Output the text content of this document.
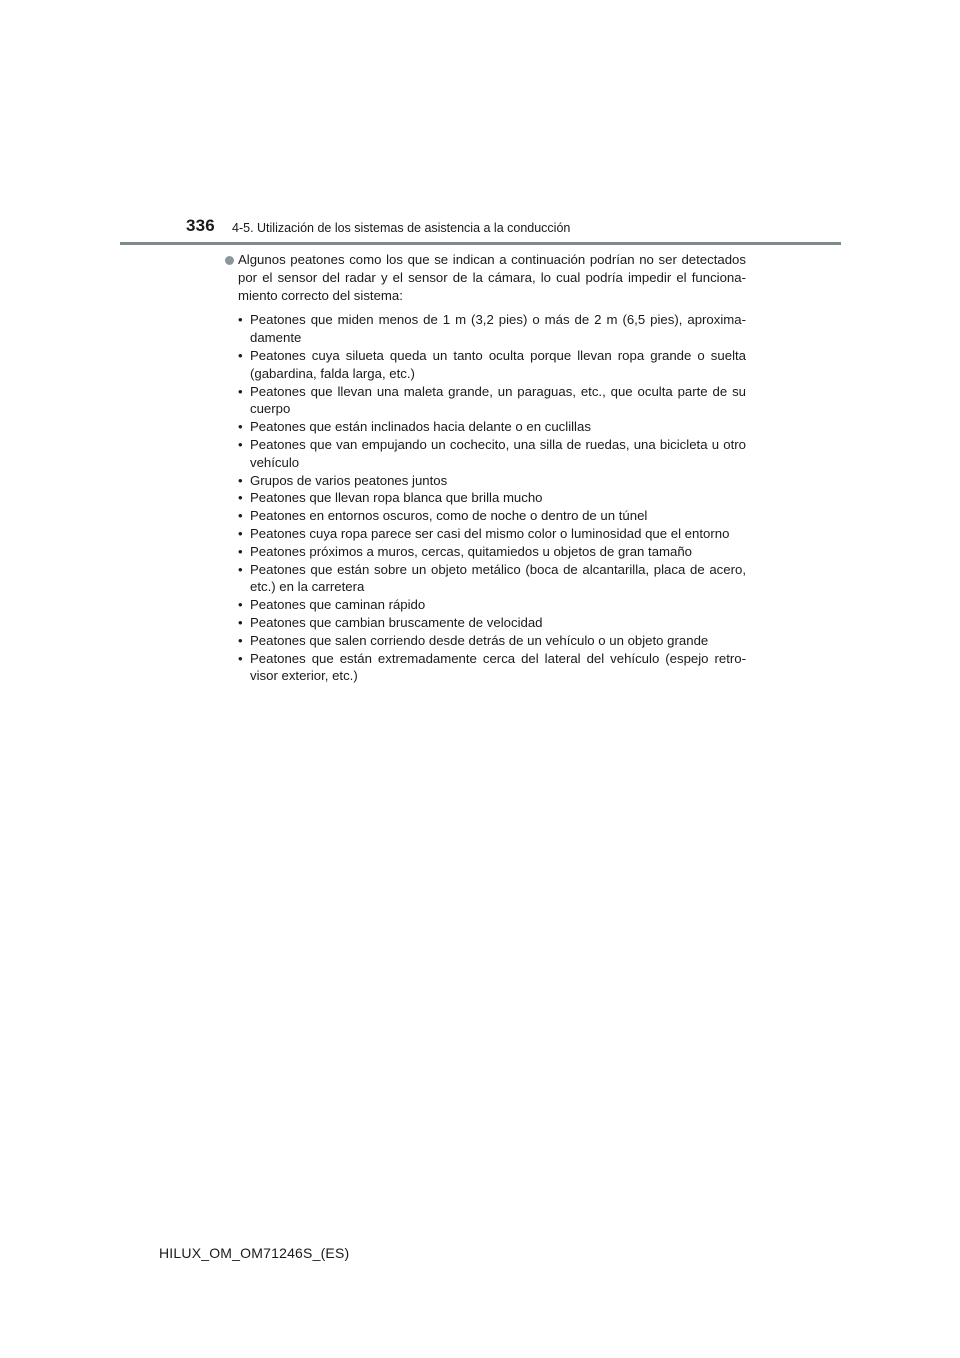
336 4-5. Utilización de los sistemas de asistencia a la conducción

Algunos peatones como los que se indican a continuación podrían no ser detectados por el sensor del radar y el sensor de la cámara, lo cual podría impedir el funciona-miento correcto del sistema:

• Peatones que miden menos de 1 m (3,2 pies) o más de 2 m (6,5 pies), aproxima-damente
• Peatones cuya silueta queda un tanto oculta porque llevan ropa grande o suelta (gabardina, falda larga, etc.)
• Peatones que llevan una maleta grande, un paraguas, etc., que oculta parte de su cuerpo
• Peatones que están inclinados hacia delante o en cuclillas
• Peatones que van empujando un cochecito, una silla de ruedas, una bicicleta u otro vehículo
• Grupos de varios peatones juntos
• Peatones que llevan ropa blanca que brilla mucho
• Peatones en entornos oscuros, como de noche o dentro de un túnel
• Peatones cuya ropa parece ser casi del mismo color o luminosidad que el entorno
• Peatones próximos a muros, cercas, quitamiedos u objetos de gran tamaño
• Peatones que están sobre un objeto metálico (boca de alcantarilla, placa de acero, etc.) en la carretera
• Peatones que caminan rápido
• Peatones que cambian bruscamente de velocidad
• Peatones que salen corriendo desde detrás de un vehículo o un objeto grande
• Peatones que están extremadamente cerca del lateral del vehículo (espejo retro-visor exterior, etc.)
HILUX_OM_OM71246S_(ES)
